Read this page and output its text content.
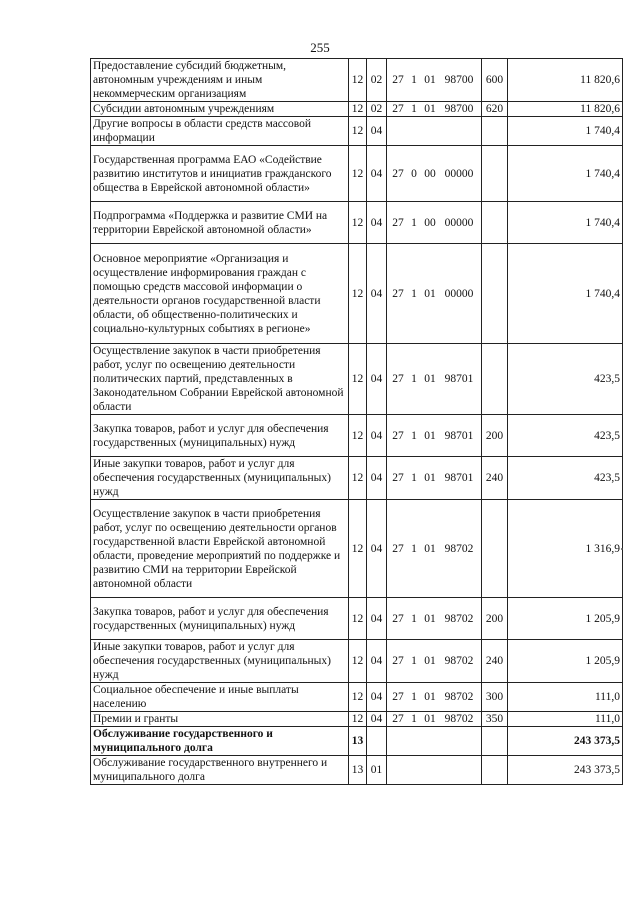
255
Предоставление субсидий бюджетным, автономным учреждениям и иным некоммерческим организациям	12	02	27 1 01 98700	600	11 820,6
Субсидии автономным учреждениям	12	02	27 1 01 98700	620	11 820,6
Другие вопросы в области средств массовой информации	12	04			1 740,4
Государственная программа ЕАО «Содействие развитию институтов и инициатив гражданского общества в Еврейской автономной области»	12	04	27 0 00 00000		1 740,4
Подпрограмма «Поддержка и развитие СМИ на территории Еврейской автономной области»	12	04	27 1 00 00000		1 740,4
Основное мероприятие «Организация и осуществление информирования граждан с помощью средств массовой информации о деятельности органов государственной власти области, об общественно-политических и социально-культурных событиях в регионе»	12	04	27 1 01 00000		1 740,4
Осуществление закупок в части приобретения работ, услуг по освещению деятельности политических партий, представленных в Законодательном Собрании Еврейской автономной области	12	04	27 1 01 98701		423,5
Закупка товаров, работ и услуг для обеспечения государственных (муниципальных) нужд	12	04	27 1 01 98701	200	423,5
Иные закупки товаров, работ и услуг для обеспечения государственных (муниципальных) нужд	12	04	27 1 01 98701	240	423,5
Осуществление закупок в части приобретения работ, услуг по освещению деятельности органов государственной власти Еврейской автономной области, проведение мероприятий по поддержке и развитию СМИ на территории Еврейской автономной области	12	04	27 1 01 98702		1 316,9
Закупка товаров, работ и услуг для обеспечения государственных (муниципальных) нужд	12	04	27 1 01 98702	200	1 205,9
Иные закупки товаров, работ и услуг для обеспечения государственных (муниципальных) нужд	12	04	27 1 01 98702	240	1 205,9
Социальное обеспечение и иные выплаты населению	12	04	27 1 01 98702	300	111,0
Премии и гранты	12	04	27 1 01 98702	350	111,0
Обслуживание государственного и муниципального долга	13				243 373,5
Обслуживание государственного внутреннего и муниципального долга	13	01			243 373,5
